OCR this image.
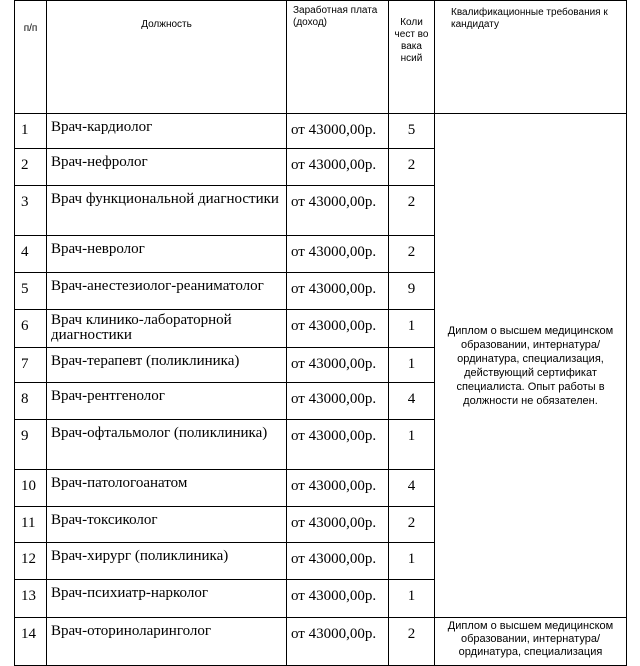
п/п	Должность	Заработная плата (доход)	Коли чест во вака нсий	Квалификационные требования к кандидату
1	Врач-кардиолог	от 43000,00р.	5	Диплом о высшем медицинском образовании, интернатура/ ординатура, специализация, действующий сертификат специалиста. Опыт работы в должности не обязателен.
2	Врач-нефролог	от 43000,00р.	2	
3	Врач функциональной диагностики	от 43000,00р.	2	
4	Врач-невролог	от 43000,00р.	2	
5	Врач-анестезиолог-реаниматолог	от 43000,00р.	9	
6	Врач клинико-лабораторной диагностики	от 43000,00р.	1	
7	Врач-терапевт (поликлиника)	от 43000,00р.	1	
8	Врач-рентгенолог	от 43000,00р.	4	
9	Врач-офтальмолог (поликлиника)	от 43000,00р.	1	
10	Врач-патологоанатом	от 43000,00р.	4	
11	Врач-токсиколог	от 43000,00р.	2	
12	Врач-хирург (поликлиника)	от 43000,00р.	1	
13	Врач-психиатр-нарколог	от 43000,00р.	1	
14	Врач-оториноларинголог	от 43000,00р.	2	Диплом о высшем медицинском образовании, интернатура/ ординатура, специализация
